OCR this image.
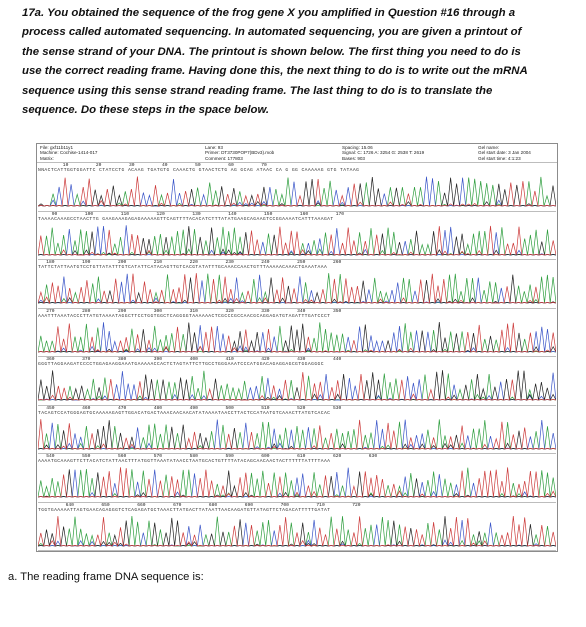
17a. You obtained the sequence of the frog gene X you amplified in Question #16 through a
process called automated sequencing. In automated sequencing, you are given a printout of
the sense strand of your DNA. The printout is shown below. The first thing you need to do is
use the correct reading frame. Having done this, the next thing to do is to write out the mRNA
sequence using this sense strand reading frame. The last thing to do is to translate the
sequence. Do these steps in the space below.
File: gxf11b11y1
Machine: Cochise-1414-017
Matrix:
Lane: 93
Primer: DT3730POP7(BDv3).mob
Comment: 177803
Spacing: 15.06
Signal: C: 1726 A: 3254 G: 2538 T: 2619
Bases: 903
Gel name:
Gel start date: 3 Jan 2004
Gel start time: 4:1:23
10          20          30          40          50          60          70
NNACTCATTGGTGGATTC CTATCCTG ACAAG TGATGTG CAAACTG GTAACTCTG AG GCAG ATAAC CA G GG CAAAAAG GTG TATAAG
90          100          110          120          130          140          150          160          170
TAAAACAAAGCCTAACTTG GAAGAAAGAGAGAAAAAGTTCAGTTTTACACATCTTTATATGAAGCAGAAGTCCGGAAAATCATTTAAAGAT
180          190          200          210          220          230          240          250          260
TATTCTATTAATGTCCTGTTATATTTGTCATATTCATACAGTTGTCACGTATATTTGCAAACCAACTGTTTAAAAACAAACTGAAATAAA
270          280          290          300          310          320          330          340          350
AAATTTAAATACCCTTATGTAAAATAGGCTTCCTGGTGGCTCAGGGGTAAAAAACTCGCCCGCCAACGCAGGAGATGTAGATTTGATCCCT
360          370          380          390          400          410          420          430          440
GGGTTAGGAAGATCCCCTGGAGAAGGAAATGAAAAACCACTCTAGTATTCTTGCCTGGGAAATCCCATGGACAGAGGAGCGTGGAGGGC
450          460          470          480          490          500          510          520          530
TACAGTCCATGGGAGTGCAAAAAGAGTTGGACATGACTAAACAACAACATATAAAATAACCTTACTCCATAATGTCAAACTTATGTCACAC
540          550          560          570          580          590          600          610          620          630
AAAATGCAAAGTTCTTACATCTATTAACTTTATGGTTAAATATAACCTAATGCACTGTTTTATACAGCAACAACTACTTTTTTATTTTAAA
640          650          660          670          680          690          700          710          720
TGGTGAAAAATTAGTGAACAGAGGGTCTCAGAGATGCTAAACTTATGACTTATAATTAACAAGATGTTATAGTTCTAGACATTTTTGATAT

a. The reading frame DNA sequence is:
